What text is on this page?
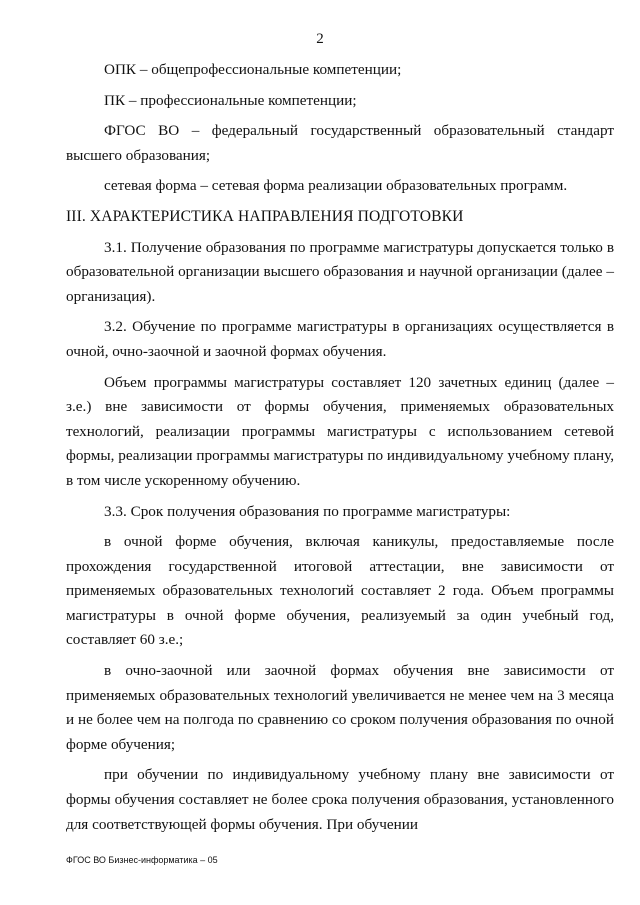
2

ОПК – общепрофессиональные компетенции;

ПК – профессиональные компетенции;

ФГОС ВО – федеральный государственный образовательный стандарт высшего образования;

сетевая форма – сетевая форма реализации образовательных программ.

III. ХАРАКТЕРИСТИКА НАПРАВЛЕНИЯ ПОДГОТОВКИ

3.1. Получение образования по программе магистратуры допускается только в образовательной организации высшего образования и научной организации (далее – организация).

3.2. Обучение по программе магистратуры в организациях осуществляется в очной, очно-заочной и заочной формах обучения.

Объем программы магистратуры составляет 120 зачетных единиц (далее – з.е.) вне зависимости от формы обучения, применяемых образовательных технологий, реализации программы магистратуры с использованием сетевой формы, реализации программы магистратуры по индивидуальному учебному плану, в том числе ускоренному обучению.

3.3. Срок получения образования по программе магистратуры:

в очной форме обучения, включая каникулы, предоставляемые после прохождения государственной итоговой аттестации, вне зависимости от применяемых образовательных технологий составляет 2 года. Объем программы магистратуры в очной форме обучения, реализуемый за один учебный год, составляет 60 з.е.;

в очно-заочной или заочной формах обучения вне зависимости от применяемых образовательных технологий увеличивается не менее чем на 3 месяца и не более чем на полгода по сравнению со сроком получения образования по очной форме обучения;

при обучении по индивидуальному учебному плану вне зависимости от формы обучения составляет не более срока получения образования, установленного для соответствующей формы обучения. При обучении

ФГОС ВО Бизнес-информатика – 05
